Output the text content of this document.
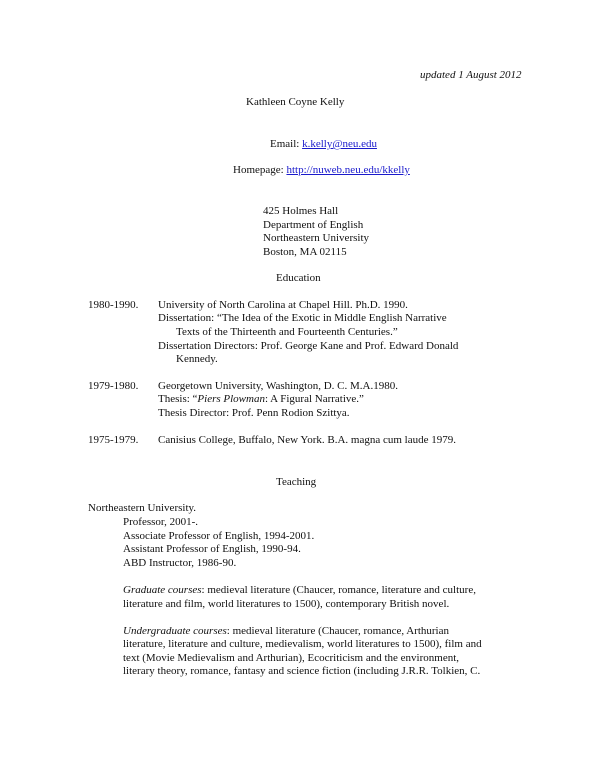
updated 1 August 2012
Kathleen Coyne Kelly
Email: k.kelly@neu.edu
Homepage: http://nuweb.neu.edu/kkelly
425 Holmes Hall
Department of English
Northeastern University
Boston, MA 02115
Education
1980-1990. University of North Carolina at Chapel Hill. Ph.D. 1990.
Dissertation: “The Idea of the Exotic in Middle English Narrative
Texts of the Thirteenth and Fourteenth Centuries.”
Dissertation Directors: Prof. George Kane and Prof. Edward Donald
Kennedy.
1979-1980. Georgetown University, Washington, D. C. M.A.1980.
Thesis: “Piers Plowman: A Figural Narrative.”
Thesis Director: Prof. Penn Rodion Szittya.
1975-1979. Canisius College, Buffalo, New York. B.A. magna cum laude 1979.
Teaching
Northeastern University.
Professor, 2001-.
Associate Professor of English, 1994-2001.
Assistant Professor of English, 1990-94.
ABD Instructor, 1986-90.
Graduate courses: medieval literature (Chaucer, romance, literature and culture,
literature and film, world literatures to 1500), contemporary British novel.
Undergraduate courses: medieval literature (Chaucer, romance, Arthurian
literature, literature and culture, medievalism, world literatures to 1500), film and
text (Movie Medievalism and Arthurian), Ecocriticism and the environment,
literary theory, romance, fantasy and science fiction (including J.R.R. Tolkien, C.
